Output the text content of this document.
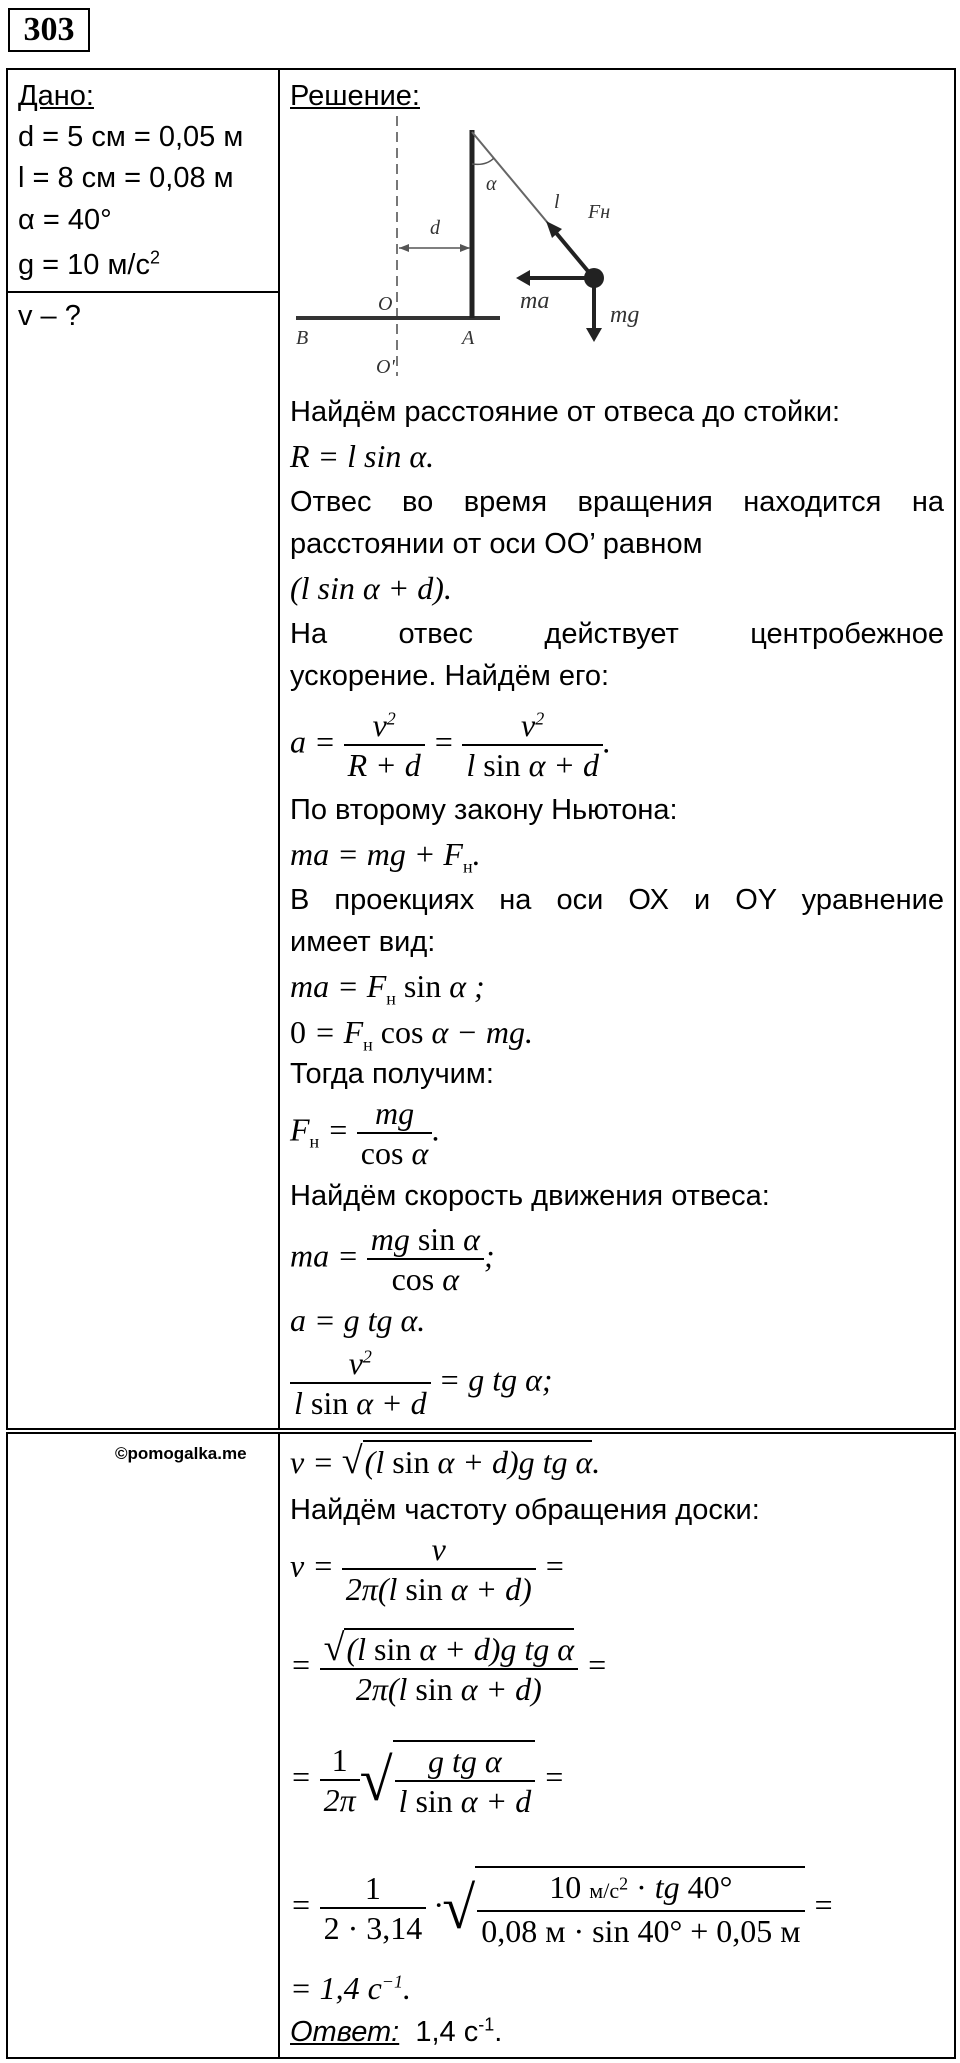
303
Дано:
d = 5 см = 0,05 м
l = 8 см = 0,08 м
α = 40°
g = 10 $м/с^2$
v – ?
Решение:
α
l Fн
d
ma
mg
O
O'
B	A
Найдём расстояние от отвеса до стойки:
R = l sin α.
Отвес во время вращения находится на
расстоянии от оси ОО’ равном
(l sin α + d).
На отвес действует центробежное
ускорение. Найдём его:
$a = \frac{v^2}{R + d} = \frac{v^2}{\text{l sin α + d}}$ .
По второму закону Ньютона:
ma = mg + $F_н$.
В проекциях на оси ОХ и ОY уравнение
имеет вид:
ma = $F_н$ sin α ;
$0 = F_н$ cos α − mg.
Тогда получим:
$F_н = \frac{mg}{\text{cos α}}$ .
Найдём скорость движения отвеса:
ma = $\frac{\text{mg sin α}}{\text{cos α}}$ ;
a = g tg α.
$\frac{v^2}{\text{l sin α + d}} = g$ tg α;
©pomogalka.me v = √(l sin α + d)g tg α.
Найдём частоту обращения доски:
$\nu = \frac{v}{\text{2π(l sin α + d)}}$ =
= $\frac{\text{√(l sin α + d)g tg α}}{\text{2π(l sin α + d)}}$ =
= $\frac{1}{2\pi}$ √ $\frac{\text{g tg α}}{\text{l sin α + d}}$ =
= $\frac{1}{2 \cdot 3,14}$ ·√ $\frac{10 м/с^2 \cdot tg 40^\circ}{0,08 м \cdot \sin 40^\circ + 0,05 м}$ =
= 1,4 $с^{-1}$.
Ответ: 1,4 $с^{-1}$.
